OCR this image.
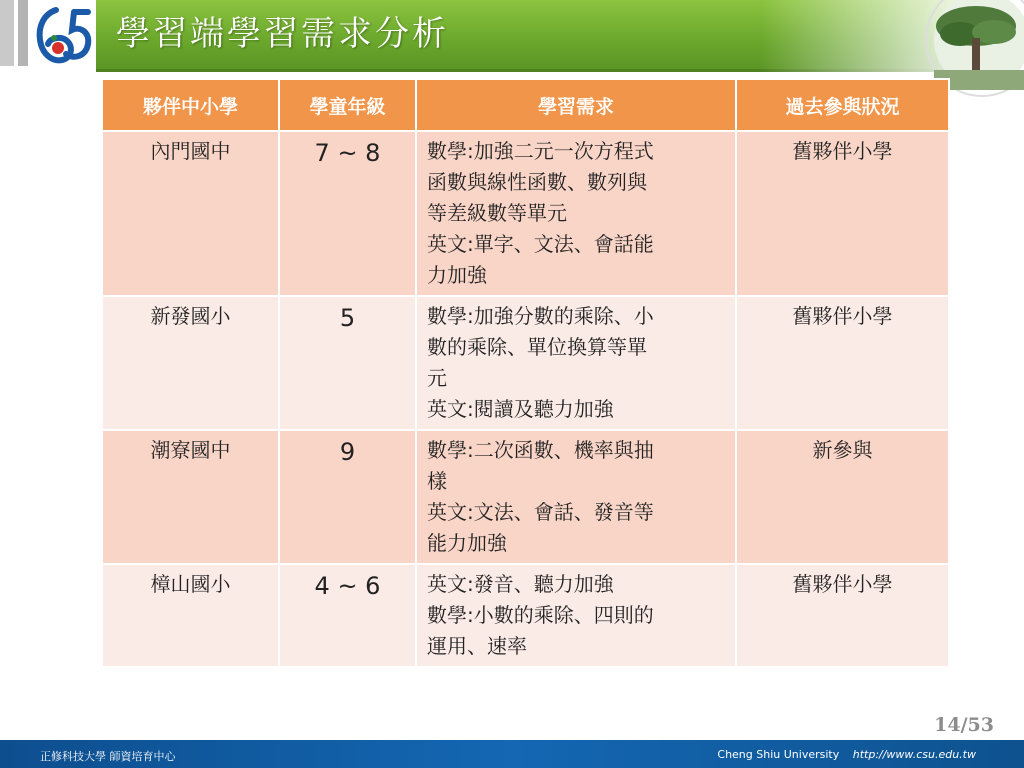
學習端學習需求分析
夥伴中小學	學童年級	學習需求	過去參與狀況
內門國中	7 ~ 8	數學:加強二元一次方程式
函數與線性函數、數列與
等差級數等單元
英文:單字、文法、會話能
力加強	舊夥伴小學
新發國小	5	數學:加強分數的乘除、小
數的乘除、單位換算等單
元
英文:閱讀及聽力加強	舊夥伴小學
潮寮國中	9	數學:二次函數、機率與抽
樣
英文:文法、會話、發音等
能力加強	新參與
樟山國小	4 ~ 6	英文:發音、聽力加強
數學:小數的乘除、四則的
運用、速率	舊夥伴小學
14/53
正修科技大學 師資培育中心	Cheng Shiu University http://www.csu.edu.tw
